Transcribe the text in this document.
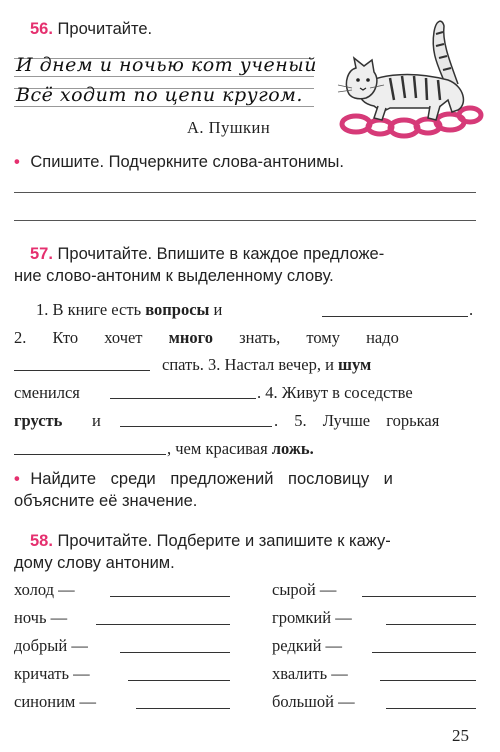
56. Прочитайте.
И днем и ночью кот ученый
Всё ходит по цепи кругом.
А. Пушкин
• Спишите. Подчеркните слова-антонимы.
57. Прочитайте. Впишите в каждое предложе-
ние слово-антоним к выделенному слову.
1. В книге есть вопросы и	.
2. Кто хочет много знать, тому надо
спать. 3. Настал вечер, и шум
сменился	. 4. Живут в соседстве
грусть и	. 5. Лучше горькая
, чем красивая ложь.
• Найдите среди предложений пословицу и
объясните её значение.
58. Прочитайте. Подберите и запишите к кажу-
дому слову антоним.
холод —
ночь —
добрый —
кричать —
синоним —
сырой —
громкий —
редкий —
хвалить —
большой —
25
